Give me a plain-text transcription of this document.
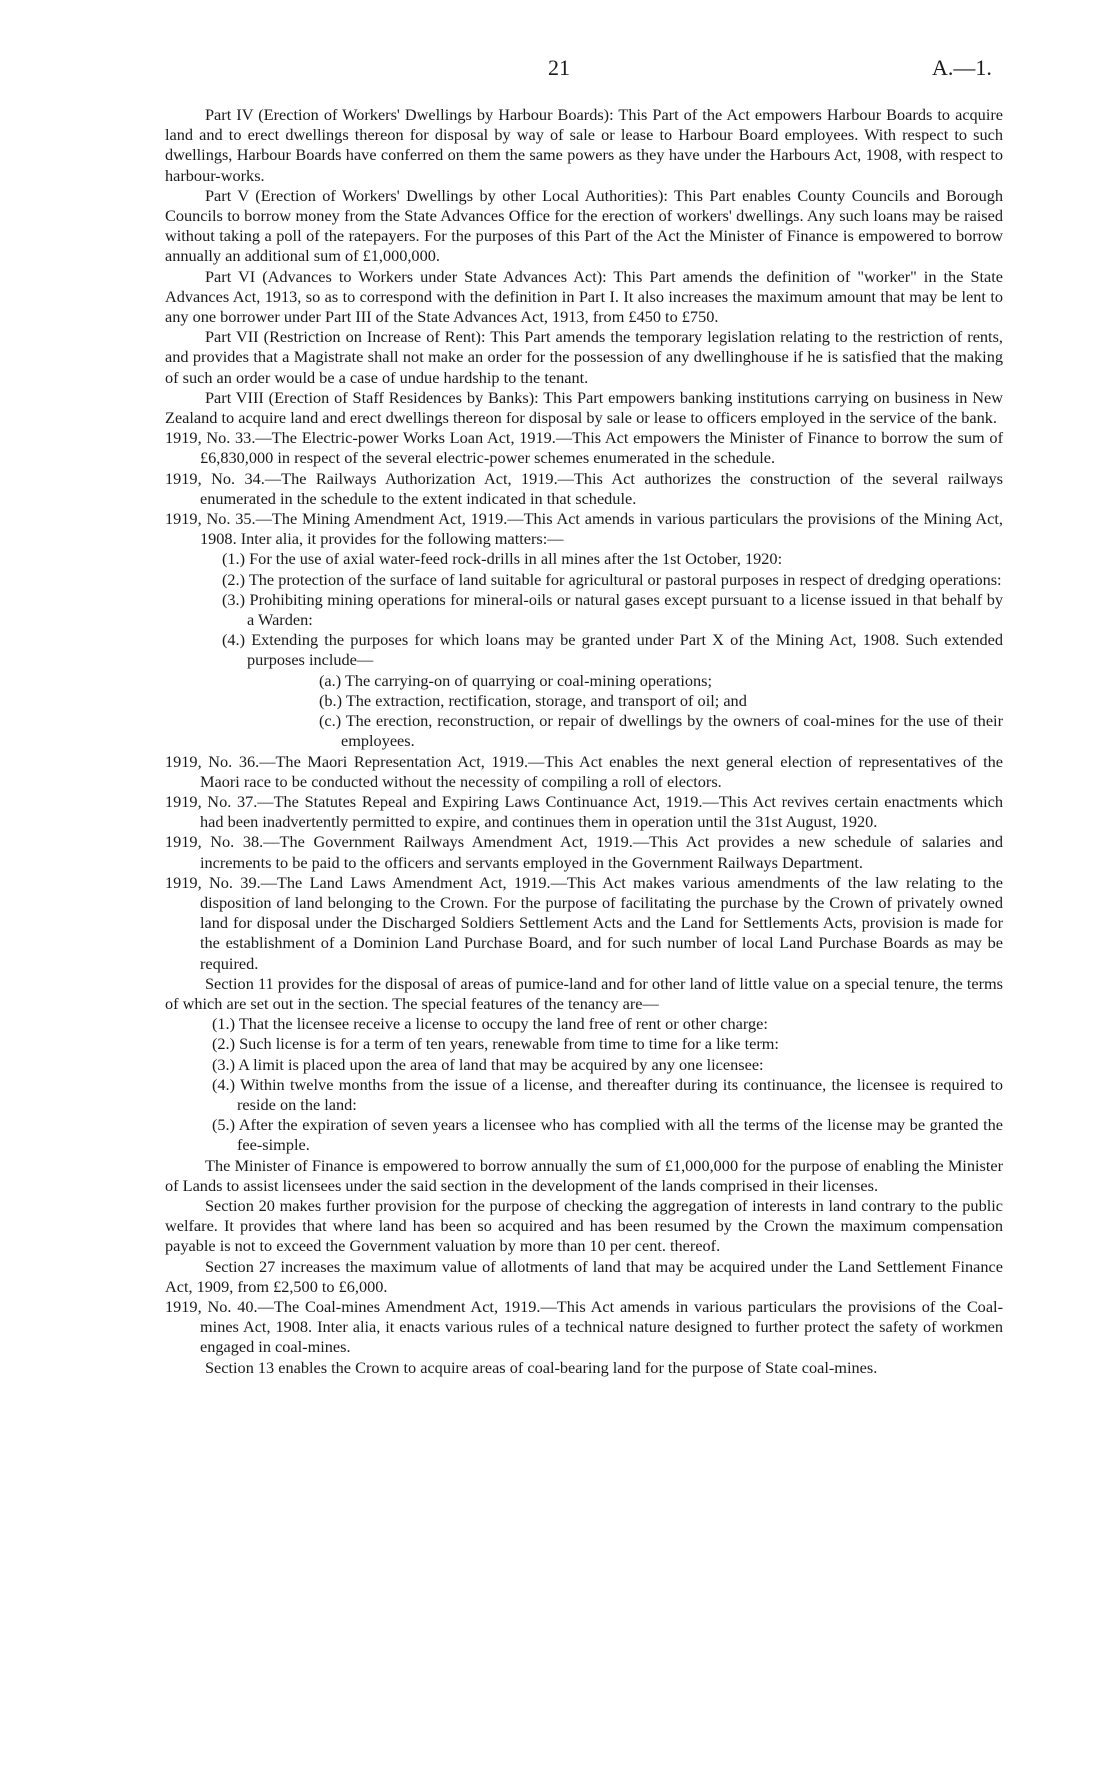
21	A.—1.

Part IV (Erection of Workers' Dwellings by Harbour Boards): This Part of the Act empowers Harbour Boards to acquire land and to erect dwellings thereon for disposal by way of sale or lease to Harbour Board employees. With respect to such dwellings, Harbour Boards have conferred on them the same powers as they have under the Harbours Act, 1908, with respect to harbour-works.

Part V (Erection of Workers' Dwellings by other Local Authorities): This Part enables County Councils and Borough Councils to borrow money from the State Advances Office for the erection of workers' dwellings. Any such loans may be raised without taking a poll of the ratepayers. For the purposes of this Part of the Act the Minister of Finance is empowered to borrow annually an additional sum of £1,000,000.

Part VI (Advances to Workers under State Advances Act): This Part amends the definition of "worker" in the State Advances Act, 1913, so as to correspond with the definition in Part I. It also increases the maximum amount that may be lent to any one borrower under Part III of the State Advances Act, 1913, from £450 to £750.

Part VII (Restriction on Increase of Rent): This Part amends the temporary legislation relating to the restriction of rents, and provides that a Magistrate shall not make an order for the possession of any dwellinghouse if he is satisfied that the making of such an order would be a case of undue hardship to the tenant.

Part VIII (Erection of Staff Residences by Banks): This Part empowers banking institutions carrying on business in New Zealand to acquire land and erect dwellings thereon for disposal by sale or lease to officers employed in the service of the bank.

1919, No. 33.—The Electric-power Works Loan Act, 1919.—This Act empowers the Minister of Finance to borrow the sum of £6,830,000 in respect of the several electric-power schemes enumerated in the schedule.

1919, No. 34.—The Railways Authorization Act, 1919.—This Act authorizes the construction of the several railways enumerated in the schedule to the extent indicated in that schedule.

1919, No. 35.—The Mining Amendment Act, 1919.—This Act amends in various particulars the provisions of the Mining Act, 1908. Inter alia, it provides for the following matters:—

(1.) For the use of axial water-feed rock-drills in all mines after the 1st October, 1920:

(2.) The protection of the surface of land suitable for agricultural or pastoral purposes in respect of dredging operations:

(3.) Prohibiting mining operations for mineral-oils or natural gases except pursuant to a license issued in that behalf by a Warden:

(4.) Extending the purposes for which loans may be granted under Part X of the Mining Act, 1908. Such extended purposes include—

(a.) The carrying-on of quarrying or coal-mining operations;

(b.) The extraction, rectification, storage, and transport of oil; and

(c.) The erection, reconstruction, or repair of dwellings by the owners of coal-mines for the use of their employees.

1919, No. 36.—The Maori Representation Act, 1919.—This Act enables the next general election of representatives of the Maori race to be conducted without the necessity of compiling a roll of electors.

1919, No. 37.—The Statutes Repeal and Expiring Laws Continuance Act, 1919.—This Act revives certain enactments which had been inadvertently permitted to expire, and continues them in operation until the 31st August, 1920.

1919, No. 38.—The Government Railways Amendment Act, 1919.—This Act provides a new schedule of salaries and increments to be paid to the officers and servants employed in the Government Railways Department.

1919, No. 39.—The Land Laws Amendment Act, 1919.—This Act makes various amendments of the law relating to the disposition of land belonging to the Crown. For the purpose of facilitating the purchase by the Crown of privately owned land for disposal under the Discharged Soldiers Settlement Acts and the Land for Settlements Acts, provision is made for the establishment of a Dominion Land Purchase Board, and for such number of local Land Purchase Boards as may be required.

Section 11 provides for the disposal of areas of pumice-land and for other land of little value on a special tenure, the terms of which are set out in the section. The special features of the tenancy are—

(1.) That the licensee receive a license to occupy the land free of rent or other charge:

(2.) Such license is for a term of ten years, renewable from time to time for a like term:

(3.) A limit is placed upon the area of land that may be acquired by any one licensee:

(4.) Within twelve months from the issue of a license, and thereafter during its continuance, the licensee is required to reside on the land:

(5.) After the expiration of seven years a licensee who has complied with all the terms of the license may be granted the fee-simple.

The Minister of Finance is empowered to borrow annually the sum of £1,000,000 for the purpose of enabling the Minister of Lands to assist licensees under the said section in the development of the lands comprised in their licenses.

Section 20 makes further provision for the purpose of checking the aggregation of interests in land contrary to the public welfare. It provides that where land has been so acquired and has been resumed by the Crown the maximum compensation payable is not to exceed the Government valuation by more than 10 per cent. thereof.

Section 27 increases the maximum value of allotments of land that may be acquired under the Land Settlement Finance Act, 1909, from £2,500 to £6,000.

1919, No. 40.—The Coal-mines Amendment Act, 1919.—This Act amends in various particulars the provisions of the Coal-mines Act, 1908. Inter alia, it enacts various rules of a technical nature designed to further protect the safety of workmen engaged in coal-mines.

Section 13 enables the Crown to acquire areas of coal-bearing land for the purpose of State coal-mines.
